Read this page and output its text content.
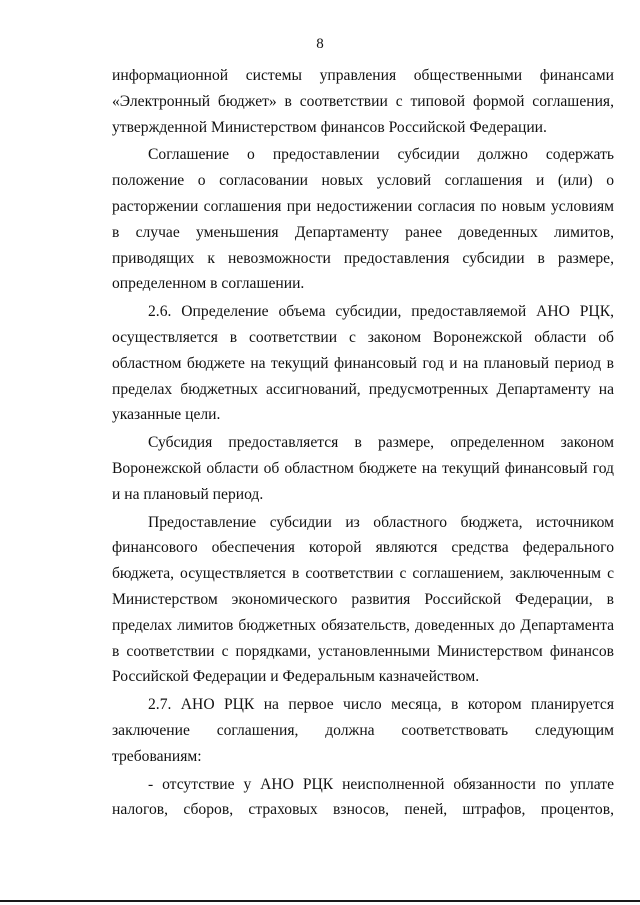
8

информационной системы управления общественными финансами «Электронный бюджет» в соответствии с типовой формой соглашения, утвержденной Министерством финансов Российской Федерации.

Соглашение о предоставлении субсидии должно содержать положение о согласовании новых условий соглашения и (или) о расторжении соглашения при недостижении согласия по новым условиям в случае уменьшения Департаменту ранее доведенных лимитов, приводящих к невозможности предоставления субсидии в размере, определенном в соглашении.

2.6. Определение объема субсидии, предоставляемой АНО РЦК, осуществляется в соответствии с законом Воронежской области об областном бюджете на текущий финансовый год и на плановый период в пределах бюджетных ассигнований, предусмотренных Департаменту на указанные цели.

Субсидия предоставляется в размере, определенном законом Воронежской области об областном бюджете на текущий финансовый год и на плановый период.

Предоставление субсидии из областного бюджета, источником финансового обеспечения которой являются средства федерального бюджета, осуществляется в соответствии с соглашением, заключенным с Министерством экономического развития Российской Федерации, в пределах лимитов бюджетных обязательств, доведенных до Департамента в соответствии с порядками, установленными Министерством финансов Российской Федерации и Федеральным казначейством.

2.7. АНО РЦК на первое число месяца, в котором планируется заключение соглашения, должна соответствовать следующим требованиям:

- отсутствие у АНО РЦК неисполненной обязанности по уплате налогов, сборов, страховых взносов, пеней, штрафов, процентов,
